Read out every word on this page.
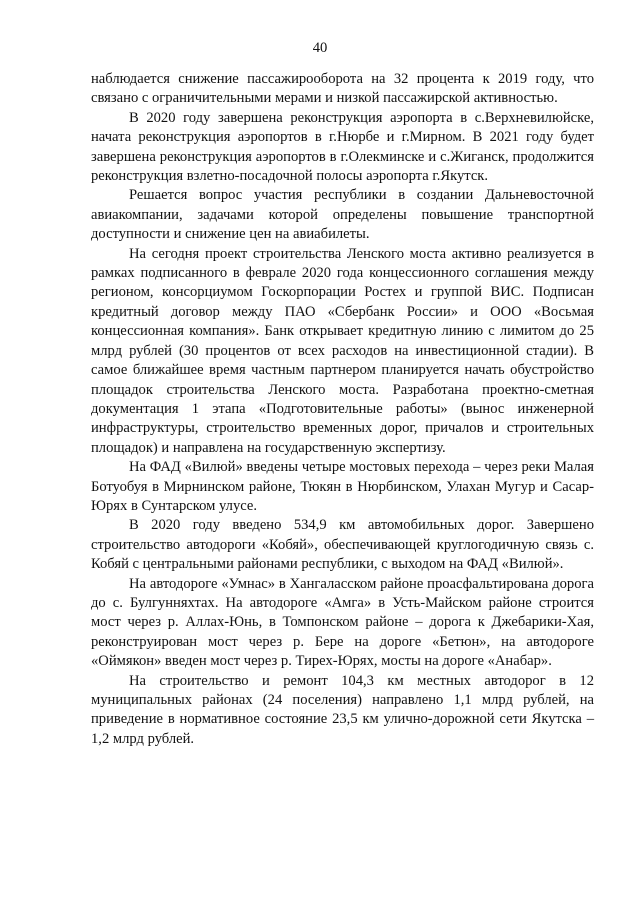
40

наблюдается снижение пассажирооборота на 32 процента к 2019 году, что связано с ограничительными мерами и низкой пассажирской активностью.

В 2020 году завершена реконструкция аэропорта в с.Верхневилюйске, начата реконструкция аэропортов в г.Нюрбе и г.Мирном. В 2021 году будет завершена реконструкция аэропортов в г.Олекминске и с.Жиганск, продолжится реконструкция взлетно-посадочной полосы аэропорта г.Якутск.

Решается вопрос участия республики в создании Дальневосточной авиакомпании, задачами которой определены повышение транспортной доступности и снижение цен на авиабилеты.

На сегодня проект строительства Ленского моста активно реализуется в рамках подписанного в феврале 2020 года концессионного соглашения между регионом, консорциумом Госкорпорации Ростех и группой ВИС. Подписан кредитный договор между ПАО «Сбербанк России» и ООО «Восьмая концессионная компания». Банк открывает кредитную линию с лимитом до 25 млрд рублей (30 процентов от всех расходов на инвестиционной стадии). В самое ближайшее время частным партнером планируется начать обустройство площадок строительства Ленского моста. Разработана проектно-сметная документация 1 этапа «Подготовительные работы» (вынос инженерной инфраструктуры, строительство временных дорог, причалов и строительных площадок) и направлена на государственную экспертизу.

На ФАД «Вилюй» введены четыре мостовых перехода – через реки Малая Ботуобуя в Мирнинском районе, Тюкян в Нюрбинском, Улахан Мугур и Сасар-Юрях в Сунтарском улусе.

В 2020 году введено 534,9 км автомобильных дорог. Завершено строительство автодороги «Кобяй», обеспечивающей круглогодичную связь с. Кобяй с центральными районами республики, с выходом на ФАД «Вилюй».

На автодороге «Умнас» в Хангаласском районе проасфальтирована дорога до с. Булгунняхтах. На автодороге «Амга» в Усть-Майском районе строится мост через р. Аллах-Юнь, в Томпонском районе – дорога к Джебарики-Хая, реконструирован мост через р. Бере на дороге «Бетюн», на автодороге «Оймякон» введен мост через р. Тирех-Юрях, мосты на дороге «Анабар».

На строительство и ремонт 104,3 км местных автодорог в 12 муниципальных районах (24 поселения) направлено 1,1 млрд рублей, на приведение в нормативное состояние 23,5 км улично-дорожной сети Якутска – 1,2 млрд рублей.
